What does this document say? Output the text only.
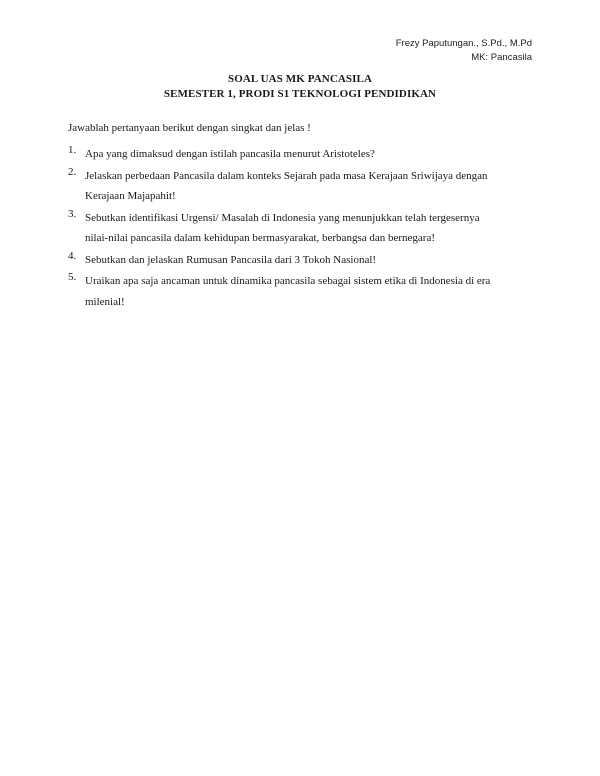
Frezy Paputungan., S.Pd., M.Pd
MK: Pancasila
SOAL UAS MK PANCASILA
SEMESTER 1, PRODI S1 TEKNOLOGI PENDIDIKAN
Jawablah pertanyaan berikut dengan singkat dan jelas !
1. Apa yang dimaksud dengan istilah pancasila menurut Aristoteles?
2. Jelaskan perbedaan Pancasila dalam konteks Sejarah pada masa Kerajaan Sriwijaya dengan
Kerajaan Majapahit!
3. Sebutkan identifikasi Urgensi/ Masalah di Indonesia yang menunjukkan telah tergesernya
nilai-nilai pancasila dalam kehidupan bermasyarakat, berbangsa dan bernegara!
4. Sebutkan dan jelaskan Rumusan Pancasila dari 3 Tokoh Nasional!
5. Uraikan apa saja ancaman untuk dinamika pancasila sebagai sistem etika di Indonesia di era
milenial!
